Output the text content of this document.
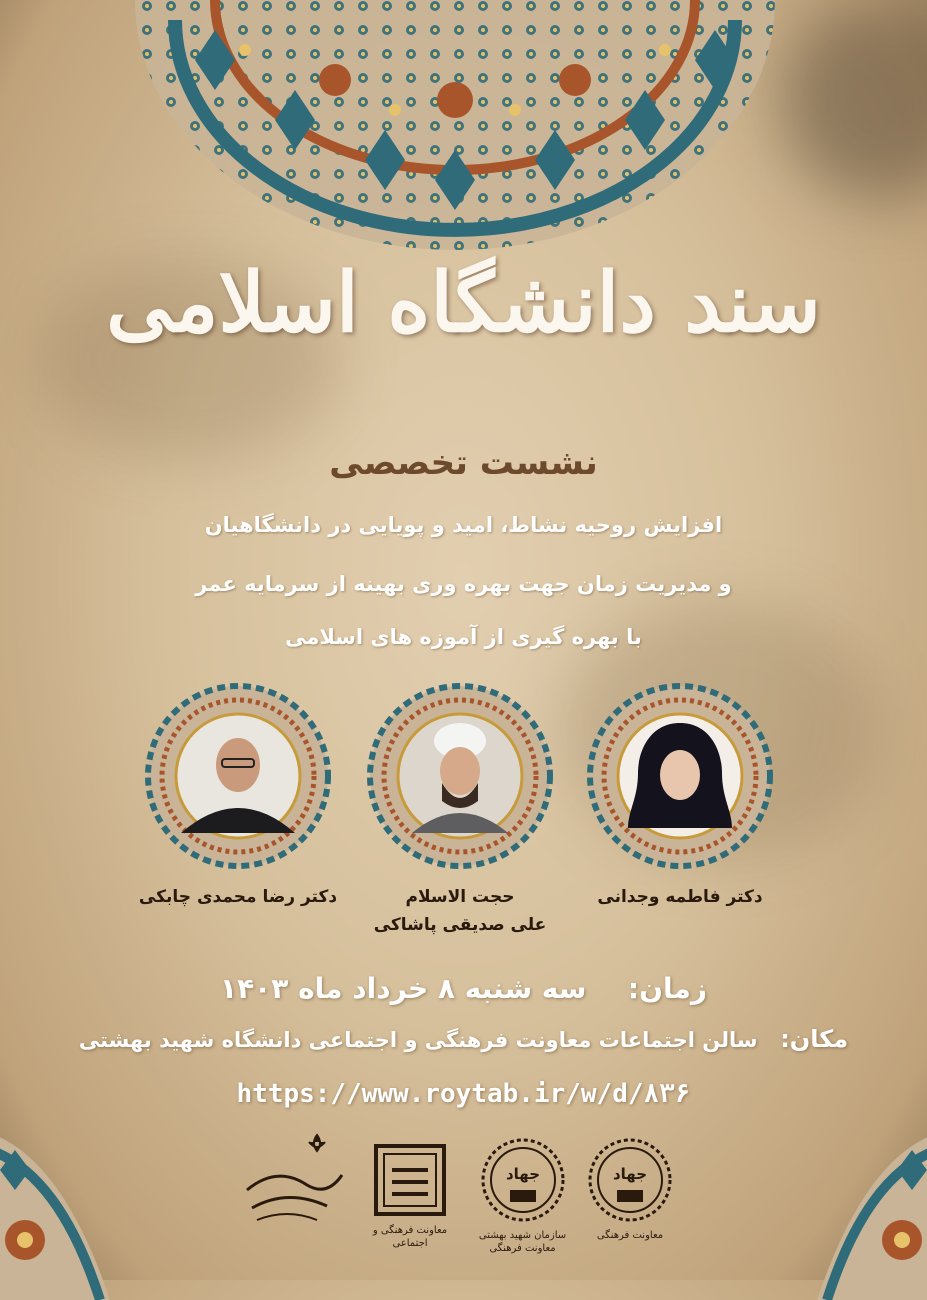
سند دانشگاه اسلامی
نشست تخصصی
افزایش روحیه نشاط، امید و پویایی در دانشگاهیان
و مدیریت زمان جهت بهره وری بهینه از سرمایه عمر
با بهره گیری از آموزه های اسلامی
دکتر فاطمه وجدانی
حجت الاسلام
علی صدیقی پاشاکی
دکتر رضا محمدی چابکی
زمان:  سه شنبه ۸ خرداد ماه ۱۴۰۳
مکان:  سالن اجتماعات معاونت فرهنگی و اجتماعی دانشگاه شهید بهشتی
https://www.roytab.ir/w/d/۸۳۶
جهاد
معاونت فرهنگی
جهاد
سازمان شهید بهشتی
معاونت فرهنگی
معاونت فرهنگی و اجتماعی
